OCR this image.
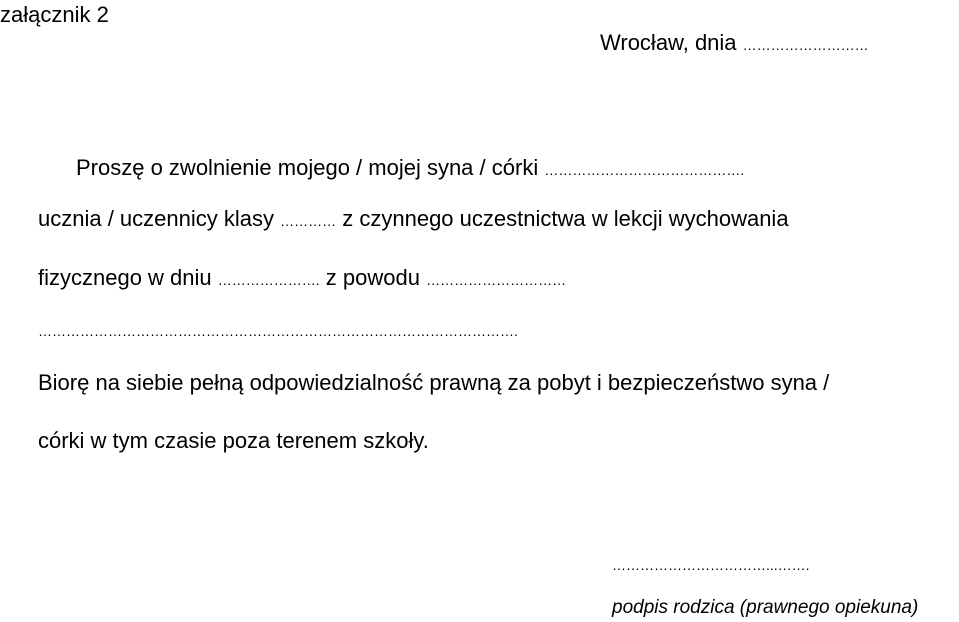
załącznik 2
Wrocław, dnia ………………………
Proszę o zwolnienie mojego / mojej syna / córki …………………………………….
ucznia / uczennicy klasy ………… z czynnego uczestnictwa w lekcji wychowania
fizycznego w dniu …………………. z powodu …………………………
………………………………………………………………………………………….
Biorę na siebie pełną odpowiedzialność prawną za pobyt i bezpieczeństwo syna /
córki w tym czasie poza terenem szkoły.
……………………………...…….
podpis rodzica (prawnego opiekuna)
